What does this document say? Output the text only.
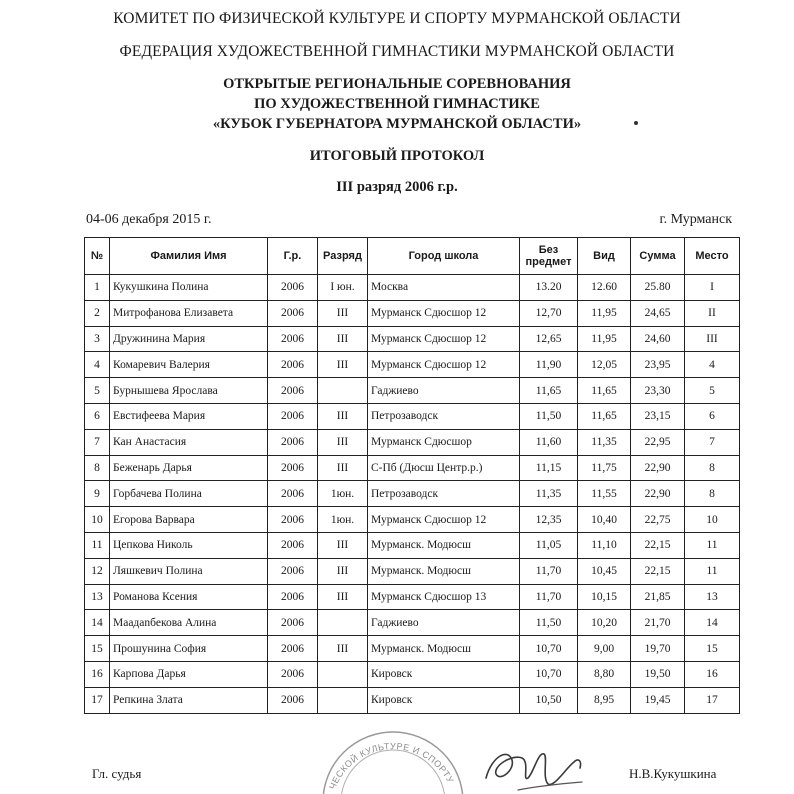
КОМИТЕТ ПО ФИЗИЧЕСКОЙ КУЛЬТУРЕ И СПОРТУ МУРМАНСКОЙ ОБЛАСТИ
ФЕДЕРАЦИЯ ХУДОЖЕСТВЕННОЙ ГИМНАСТИКИ МУРМАНСКОЙ ОБЛАСТИ
ОТКРЫТЫЕ РЕГИОНАЛЬНЫЕ СОРЕВНОВАНИЯ
ПО ХУДОЖЕСТВЕННОЙ ГИМНАСТИКЕ
«КУБОК ГУБЕРНАТОРА МУРМАНСКОЙ ОБЛАСТИ»
ИТОГОВЫЙ ПРОТОКОЛ
III разряд 2006 г.р.
04-06 декабря 2015 г.	г. Мурманск
№	Фамилия Имя	Г.р.	Разряд	Город школа	Без предмет	Вид	Сумма	Место
1	Кукушкина Полина	2006	I юн.	Москва	13.20	12.60	25.80	I
2	Митрофанова Елизавета	2006	III	Мурманск Сдюсшор 12	12,70	11,95	24,65	II
3	Дружинина Мария	2006	III	Мурманск Сдюсшор 12	12,65	11,95	24,60	III
4	Комаревич Валерия	2006	III	Мурманск Сдюсшор 12	11,90	12,05	23,95	4
5	Бурнышева Ярослава	2006		Гаджиево	11,65	11,65	23,30	5
6	Евстифеева Мария	2006	III	Петрозаводск	11,50	11,65	23,15	6
7	Кан Анастасия	2006	III	Мурманск Сдюсшор	11,60	11,35	22,95	7
8	Беженарь Дарья	2006	III	С-Пб (Дюсш Центр.р.)	11,15	11,75	22,90	8
9	Горбачева Полина	2006	1юн.	Петрозаводск	11,35	11,55	22,90	8
10	Егорова Варвара	2006	1юн.	Мурманск Сдюсшор 12	12,35	10,40	22,75	10
11	Цепкова Николь	2006	III	Мурманск. Модюсш	11,05	11,10	22,15	11
12	Ляшкевич Полина	2006	III	Мурманск. Модюсш	11,70	10,45	22,15	11
13	Романова Ксения	2006	III	Мурманск Сдюсшор 13	11,70	10,15	21,85	13
14	Маадanбекова Алина	2006		Гаджиево	11,50	10,20	21,70	14
15	Прошунина София	2006	III	Мурманск. Модюсш	10,70	9,00	19,70	15
16	Карпова Дарья	2006		Кировск	10,70	8,80	19,50	16
17	Репкина Злата	2006		Кировск	10,50	8,95	19,45	17
ЧЕСКОЙ КУЛЬТУРЕ И СПОРТУ
Гл. судья	Н.В.Кукушкина
